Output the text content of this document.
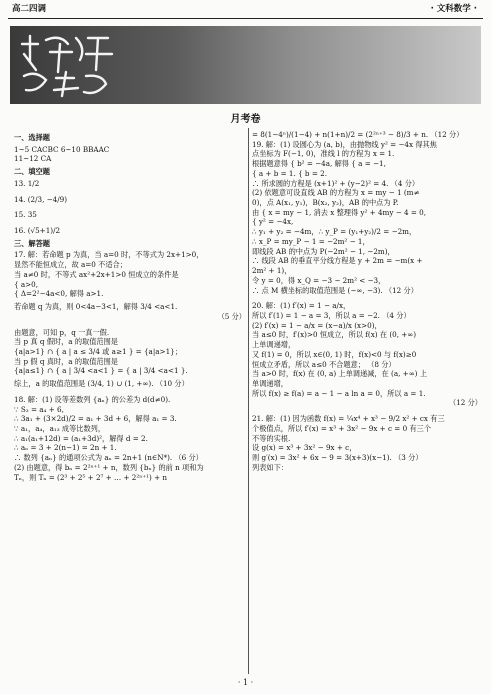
高二四调	· 文科数学 ·
月考卷
一、选择题
1~5 CACBC 6~10 BBAAC
11~12 CA
二、填空题
13. 1/2
14. (2/3, −4/9)
15. 35
16. (√5+1)/2
三、解答题
17. 解：若命题 p 为真，当 a=0 时，不等式为 2x+1>0，
显然不能恒成立，故 a=0 不适合；
当 a≠0 时，不等式 ax²+2x+1>0 恒成立的条件是
{ a>0,
{ Δ=2²−4a<0, 解得 a>1.
若命题 q 为真，则 0<4a−3<1，解得 3/4 <a<1.
（5 分）
由题意，可知 p，q 一真一假.
当 p 真 q 假时，a 的取值范围是
{a|a>1} ∩ { a | a ≤ 3/4 或 a≥1 } = {a|a>1}；
当 p 假 q 真时，a 的取值范围是
{a|a≤1} ∩ { a | 3/4 <a<1 } = { a | 3/4 <a<1 }.
综上，a 的取值范围是 (3/4, 1) ∪ (1, +∞). （10 分）
18. 解：(1) 设等差数列 {aₙ} 的公差为 d(d≠0).
∵ S₃ = a₄ + 6,
∴ 3a₁ + (3×2d)/2 = a₁ + 3d + 6，解得 a₁ = 3.
∵ a₁，a₄，a₁₃ 成等比数列，
∴ a₁(a₁+12d) = (a₁+3d)²，解得 d = 2.
∴ aₙ = 3 + 2(n−1) = 2n + 1.
∴ 数列 {aₙ} 的通项公式为 aₙ = 2n+1 (n∈N*). （6 分）
(2) 由题意，得 bₙ = 2²ⁿ⁺¹ + n，数列 {bₙ} 的前 n 项和为
Tₙ，则 Tₙ = (2³ + 2⁵ + 2⁷ + … + 2²ⁿ⁺¹) + n
= 8(1−4ⁿ)/(1−4) + n(1+n)/2 = (2²ⁿ⁺³ − 8)/3 + n. （12 分）
19. 解：(1) 设圆心为 (a, b)，由抛物线 y² = −4x 得其焦
点坐标为 F(−1, 0)，准线 l 的方程为 x = 1.
根据题意得 { b² = −4a, 解得 { a = −1,
{ a + b = 1. { b = 2.
∴ 所求圆的方程是 (x+1)² + (y−2)² = 4. （4 分）
(2) 依题意可设直线 AB 的方程为 x = my − 1 (m≠
0)，点 A(x₁, y₁)，B(x₂, y₂)，AB 的中点为 P.
由 { x = my − 1, 消去 x 整理得 y² + 4my − 4 = 0,
{ y² = −4x,
∴ y₁ + y₂ = −4m，∴ y_P = (y₁+y₂)/2 = −2m，
∴ x_P = my_P − 1 = −2m² − 1，
即线段 AB 的中点为 P(−2m² − 1, −2m)，
∴ 线段 AB 的垂直平分线方程是 y + 2m = −m(x +
2m² + 1)，
令 y = 0，得 x_Q = −3 − 2m² < −3，
∴ 点 M 横坐标的取值范围是 (−∞, −3). （12 分）
20. 解：(1) f′(x) = 1 − a/x，
所以 f′(1) = 1 − a = 3，所以 a = −2. （4 分）
(2) f′(x) = 1 − a/x = (x−a)/x (x>0)，
当 a≤0 时，f′(x)>0 恒成立，所以 f(x) 在 (0, +∞)
上单调递增，
又 f(1) = 0，所以 x∈(0, 1) 时，f(x)<0 与 f(x)≥0
恒成立矛盾，所以 a≤0 不合题意； （8 分）
当 a>0 时，f(x) 在 (0, a) 上单调递减，在 (a, +∞) 上
单调递增，
所以 f(x) ≥ f(a) = a − 1 − a ln a = 0，所以 a = 1.
（12 分）
21. 解：(1) 因为函数 f(x) = ¼x⁴ + x³ − 9/2 x² + cx 有三
个极值点，所以 f′(x) = x³ + 3x² − 9x + c = 0 有三个
不等的实根.
设 g(x) = x³ + 3x² − 9x + c，
则 g′(x) = 3x² + 6x − 9 = 3(x+3)(x−1). （3 分）
列表如下：
· 1 ·
